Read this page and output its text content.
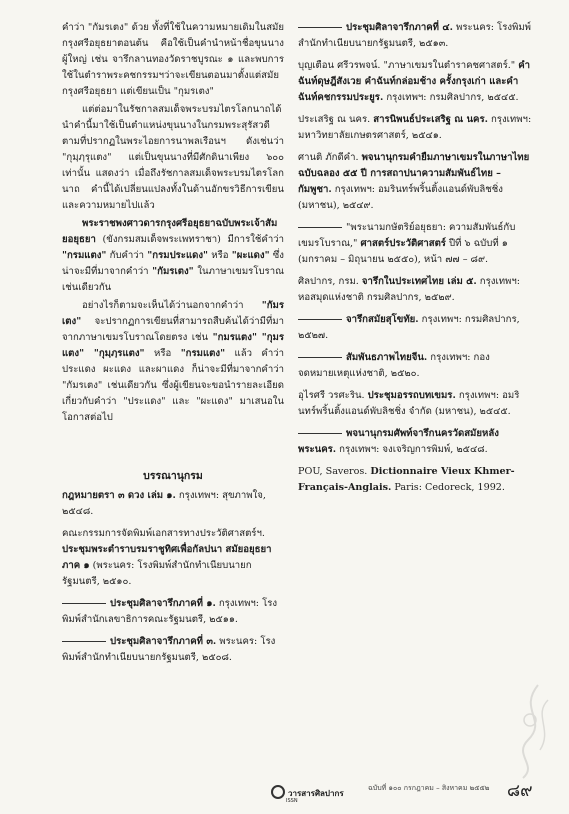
คำว่า "กัมรเตง" ด้วย ทั้งที่ใช้ในความหมายเดิมในสมัยกรุงศรีอยุธยาตอนต้น คือใช้เป็นคำนำหน้าชื่อขุนนางผู้ใหญ่ เช่น จารึกลานทองวัดราชบูรณะ ๑ และพบการใช้ในตำราพระคชกรรมฯว่าจะเขียนตอนมาตั้งแต่สมัยกรุงศรีอยุธยา แต่เขียนเป็น "กุมรเตง"

แต่ต่อมาในรัชกาลสมเด็จพระบรมไตรโลกนาถได้นำคำนี้มาใช้เป็นตำแหน่งขุนนางในกรมพระสุรัสวดี ตามที่ปรากฏในพระไอยการนาพลเรือนฯ ดังเช่นว่า "กุมฺภฺรุแตง" แต่เป็นขุนนางที่มีศักดินาเพียง ๖๐๐ เท่านั้น แสดงว่า เมื่อถึงรัชกาลสมเด็จพระบรมไตรโลกนาถ คำนี้ได้เปลี่ยนแปลงทั้งในด้านอักขรวิธีการเขียนและความหมายไปแล้ว

พระราชพงศาวดารกรุงศรีอยุธยาฉบับพระเจ้าสัมยอยุธยา (ขังกรมสมเด็จพระเพทราชา) มีการใช้คำว่า "กรมแตง" กับคำว่า "กรมประแดง" หรือ "ผะแดง" ซึ่งน่าจะมีที่มาจากคำว่า "กัมรเตง" ในภาษาเขมรโบราณเช่นเดียวกัน

อย่างไรก็ตามจะเห็นได้ว่านอกจากคำว่า "กัมรเตง" จะปรากฏการเขียนที่สามารถสืบค้นได้ว่ามีที่มาจากภาษาเขมรโบราณโดยตรง เช่น "กมรแตง" "กุมรแตง" "กุมฺภฺรแตง" หรือ "กรมแตง" แล้ว คำว่า ประแดง ผะแดง และผาแดง ก็น่าจะมีที่มาจากคำว่า "กัมรเตง" เช่นเดียวกัน ซึ่งผู้เขียนจะขอนำรายละเอียดเกี่ยวกับคำว่า "ประแดง" และ "ผะแดง" มาเสนอในโอกาสต่อไป

บรรณานุกรม

กฎหมายตรา ๓ ดวง เล่ม ๑. กรุงเทพฯ: สุขภาพใจ, ๒๕๔๘.

คณะกรรมการจัดพิมพ์เอกสารทางประวัติศาสตร์ฯ.
ประชุมพระตำราบรมราชูทิศเพื่อกัลปนา สมัยอยุธยา ภาค ๑ (พระนคร: โรงพิมพ์สำนักทำเนียบนายกรัฐมนตรี, ๒๕๑๐.

ประชุมศิลาจารึกภาคที่ ๑. กรุงเทพฯ: โรงพิมพ์สำนักเลขาธิการคณะรัฐมนตรี, ๒๕๑๑.

ประชุมศิลาจารึกภาคที่ ๓. พระนคร: โรงพิมพ์สำนักทำเนียบนายกรัฐมนตรี, ๒๕๐๘.

ประชุมศิลาจารึกภาคที่ ๔. พระนคร: โรงพิมพ์สำนักทำเนียบนายกรัฐมนตรี, ๒๕๑๓.

บุญเตือน ศรีวรพจน์. "ภาษาเขมรในตำราคชศาสตร์." คำฉันท์ดุษฎีสังเวย คำฉันท์กล่อมช้าง ครั้งกรุงเก่า และคำฉันท์คชกรรมประยูร. กรุงเทพฯ: กรมศิลปากร, ๒๕๔๕.

ประเสริฐ ณ นคร. สารนิพนธ์ประเสริฐ ณ นคร. กรุงเทพฯ: มหาวิทยาลัยเกษตรศาสตร์, ๒๕๔๑.

ศานติ ภักดีคำ. พจนานุกรมคำยืมภาษาเขมรในภาษาไทย ฉบับฉลอง ๕๕ ปี การสถาปนาความสัมพันธ์ไทย – กัมพูชา. กรุงเทพฯ: อมรินทร์พริ้นติ้งแอนด์พับลิชชิ่ง (มหาชน), ๒๕๔๙.

"พระนามกษัตริย์อยุธยา: ความสัมพันธ์กับเขมรโบราณ," ศาสตร์ประวัติศาสตร์ ปีที่ ๖ ฉบับที่ ๑ (มกราคม – มิถุนายน ๒๕๕๐), หน้า ๗๗ – ๘๙.

ศิลปากร, กรม. จารึกในประเทศไทย เล่ม ๕. กรุงเทพฯ: หอสมุดแห่งชาติ กรมศิลปากร, ๒๕๒๙.

จารึกสมัยสุโขทัย. กรุงเทพฯ: กรมศิลปากร, ๒๕๒๗.

สัมพันธภาพไทยจีน. กรุงเทพฯ: กองจดหมายเหตุแห่งชาติ, ๒๕๒๐.

อุไรศรี วรศะริน. ประชุมอรรถบทเขมร. กรุงเทพฯ: อมรินทร์พริ้นติ้งแอนด์พับลิชชิ่ง จำกัด (มหาชน), ๒๕๔๕.

พจนานุกรมศัพท์จารึกนครวัดสมัยหลังพระนคร. กรุงเทพฯ: จงเจริญการพิมพ์, ๒๕๔๘.

POU, Saveros. Dictionnaire Vieux Khmer-Français-Anglais. Paris: Cedoreck, 1992.

วารสารศิลปากร
ISSN
ฉบับที่ ๑๐๐ กรกฎาคม – สิงหาคม ๒๕๕๒ ๘๙
